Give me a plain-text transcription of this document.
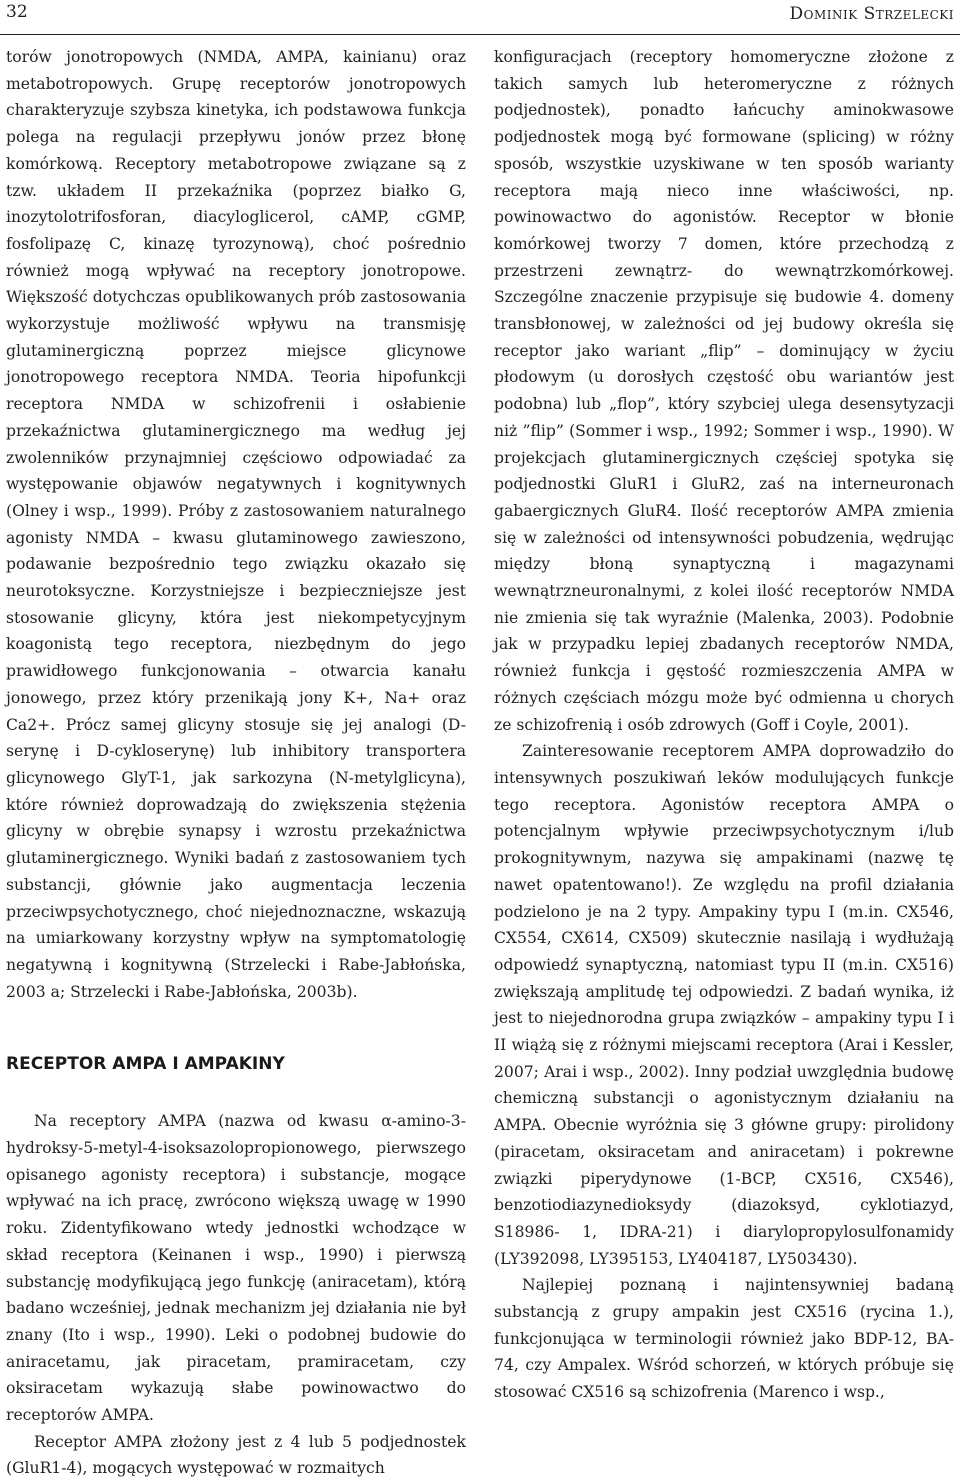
32	Dominik Strzelecki

torów jonotropowych (NMDA, AMPA, kainianu) oraz metabotropowych. Grupę receptorów jonotropowych charakteryzuje szybsza kinetyka, ich podstawowa funkcja polega na regulacji przepływu jonów przez błonę komórkową. Receptory metabotropowe związane są z tzw. układem II przekaźnika (poprzez białko G, inozytolotrifosforan, diacyloglicerol, cAMP, cGMP, fosfolipazę C, kinazę tyrozynową), choć pośrednio również mogą wpływać na receptory jonotropowe. Większość dotychczas opublikowanych prób zastosowania wykorzystuje możliwość wpływu na transmisję glutaminergiczną poprzez miejsce glicynowe jonotropowego receptora NMDA. Teoria hipofunkcji receptora NMDA w schizofrenii i osłabienie przekaźnictwa glutaminergicznego ma według jej zwolenników przynajmniej częściowo odpowiadać za występowanie objawów negatywnych i kognitywnych (Olney i wsp., 1999). Próby z zastosowaniem naturalnego agonisty NMDA – kwasu glutaminowego zawieszono, podawanie bezpośrednio tego związku okazało się neurotoksyczne. Korzystniejsze i bezpieczniejsze jest stosowanie glicyny, która jest niekompetycyjnym koagonistą tego receptora, niezbędnym do jego prawidłowego funkcjonowania – otwarcia kanału jonowego, przez który przenikają jony K+, Na+ oraz Ca2+. Prócz samej glicyny stosuje się jej analogi (D-serynę i D-cykloserynę) lub inhibitory transportera glicynowego GlyT-1, jak sarkozyna (N-metylglicyna), które również doprowadzają do zwiększenia stężenia glicyny w obrębie synapsy i wzrostu przekaźnictwa glutaminergicznego. Wyniki badań z zastosowaniem tych substancji, głównie jako augmentacja leczenia przeciwpsychotycznego, choć niejednoznaczne, wskazują na umiarkowany korzystny wpływ na symptomatologię negatywną i kognitywną (Strzelecki i Rabe-Jabłońska, 2003 a; Strzelecki i Rabe-Jabłońska, 2003b).

RECEPTOR AMPA I AMPAKINY

Na receptory AMPA (nazwa od kwasu α-amino-3-hydroksy-5-metyl-4-isoksazolopropionowego, pierwszego opisanego agonisty receptora) i substancje, mogące wpływać na ich pracę, zwrócono większą uwagę w 1990 roku. Zidentyfikowano wtedy jednostki wchodzące w skład receptora (Keinanen i wsp., 1990) i pierwszą substancję modyfikującą jego funkcję (aniracetam), którą badano wcześniej, jednak mechanizm jej działania nie był znany (Ito i wsp., 1990). Leki o podobnej budowie do aniracetamu, jak piracetam, pramiracetam, czy oksiracetam wykazują słabe powinowactwo do receptorów AMPA.

Receptor AMPA złożony jest z 4 lub 5 podjednostek (GluR1-4), mogących występować w rozmaitych

konfiguracjach (receptory homomeryczne złożone z takich samych lub heteromeryczne z różnych podjednostek), ponadto łańcuchy aminokwasowe podjednostek mogą być formowane (splicing) w różny sposób, wszystkie uzyskiwane w ten sposób warianty receptora mają nieco inne właściwości, np. powinowactwo do agonistów. Receptor w błonie komórkowej tworzy 7 domen, które przechodzą z przestrzeni zewnątrz- do wewnątrzkomórkowej. Szczególne znaczenie przypisuje się budowie 4. domeny transbłonowej, w zależności od jej budowy określa się receptor jako wariant „flip” – dominujący w życiu płodowym (u dorosłych częstość obu wariantów jest podobna) lub „flop”, który szybciej ulega desensytyzacji niż ”flip” (Sommer i wsp., 1992; Sommer i wsp., 1990). W projekcjach glutaminergicznych częściej spotyka się podjednostki GluR1 i GluR2, zaś na interneuronach gabaergicznych GluR4. Ilość receptorów AMPA zmienia się w zależności od intensywności pobudzenia, wędrując między błoną synaptyczną i magazynami wewnątrzneuronalnymi, z kolei ilość receptorów NMDA nie zmienia się tak wyraźnie (Malenka, 2003). Podobnie jak w przypadku lepiej zbadanych receptorów NMDA, również funkcja i gęstość rozmieszczenia AMPA w różnych częściach mózgu może być odmienna u chorych ze schizofrenią i osób zdrowych (Goff i Coyle, 2001).

Zainteresowanie receptorem AMPA doprowadziło do intensywnych poszukiwań leków modulujących funkcje tego receptora. Agonistów receptora AMPA o potencjalnym wpływie przeciwpsychotycznym i/lub prokognitywnym, nazywa się ampakinami (nazwę tę nawet opatentowano!). Ze względu na profil działania podzielono je na 2 typy. Ampakiny typu I (m.in. CX546, CX554, CX614, CX509) skutecznie nasilają i wydłużają odpowiedź synaptyczną, natomiast typu II (m.in. CX516) zwiększają amplitudę tej odpowiedzi. Z badań wynika, iż jest to niejednorodna grupa związków – ampakiny typu I i II wiążą się z różnymi miejscami receptora (Arai i Kessler, 2007; Arai i wsp., 2002). Inny podział uwzględnia budowę chemiczną substancji o agonistycznym działaniu na AMPA. Obecnie wyróżnia się 3 główne grupy: pirolidony (piracetam, oksiracetam and aniracetam) i pokrewne związki piperydynowe (1-BCP, CX516, CX546), benzotiodiazynedioksydy (diazoksyd, cyklotiazyd, S18986- 1, IDRA-21) i diarylopropylosulfonamidy (LY392098, LY395153, LY404187, LY503430).

Najlepiej poznaną i najintensywniej badaną substancją z grupy ampakin jest CX516 (rycina 1.), funkcjonująca w terminologii również jako BDP-12, BA-74, czy Ampalex. Wśród schorzeń, w których próbuje się stosować CX516 są schizofrenia (Marenco i wsp.,
